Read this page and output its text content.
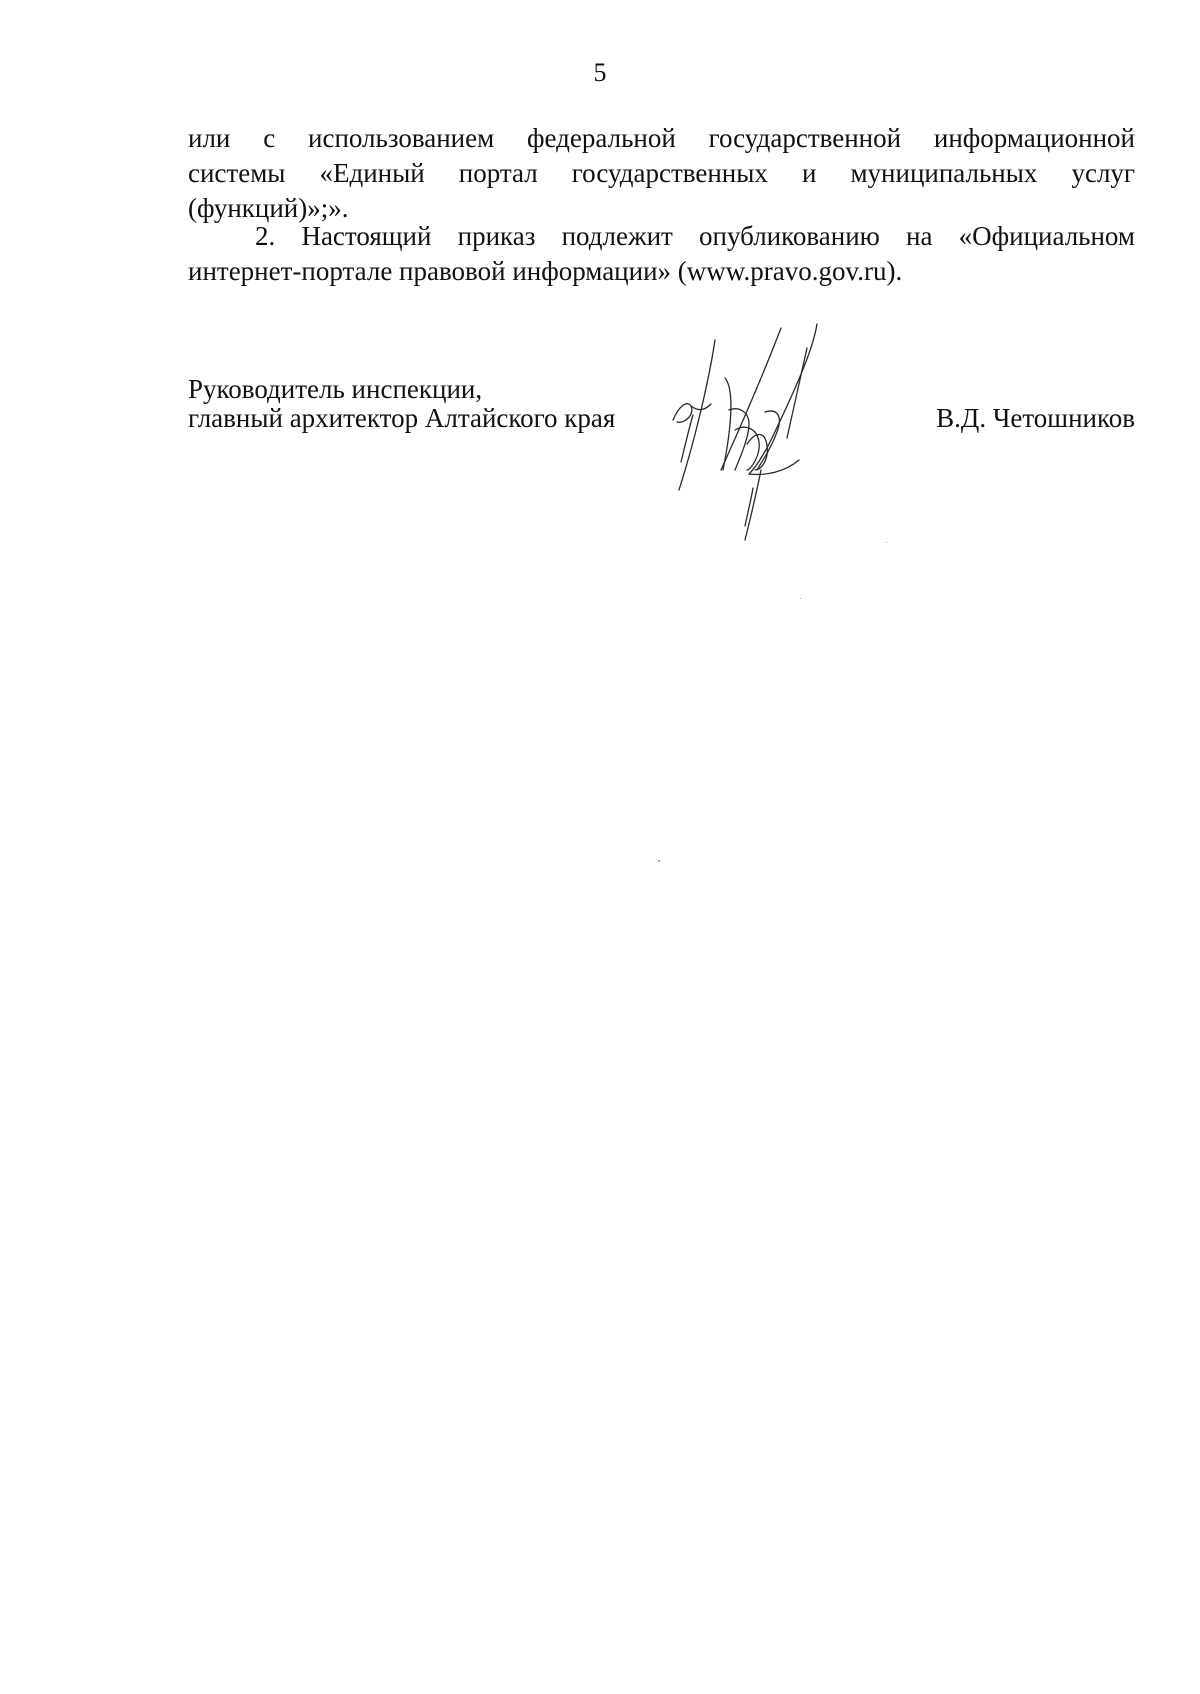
5
или с использованием федеральной государственной информационной
системы «Единый портал государственных и муниципальных услуг
(функций)»;».
2. Настоящий приказ подлежит опубликованию на «Официальном
интернет-портале правовой информации» (www.pravo.gov.ru).
Руководитель инспекции,
главный архитектор Алтайского края	В.Д. Четошников
